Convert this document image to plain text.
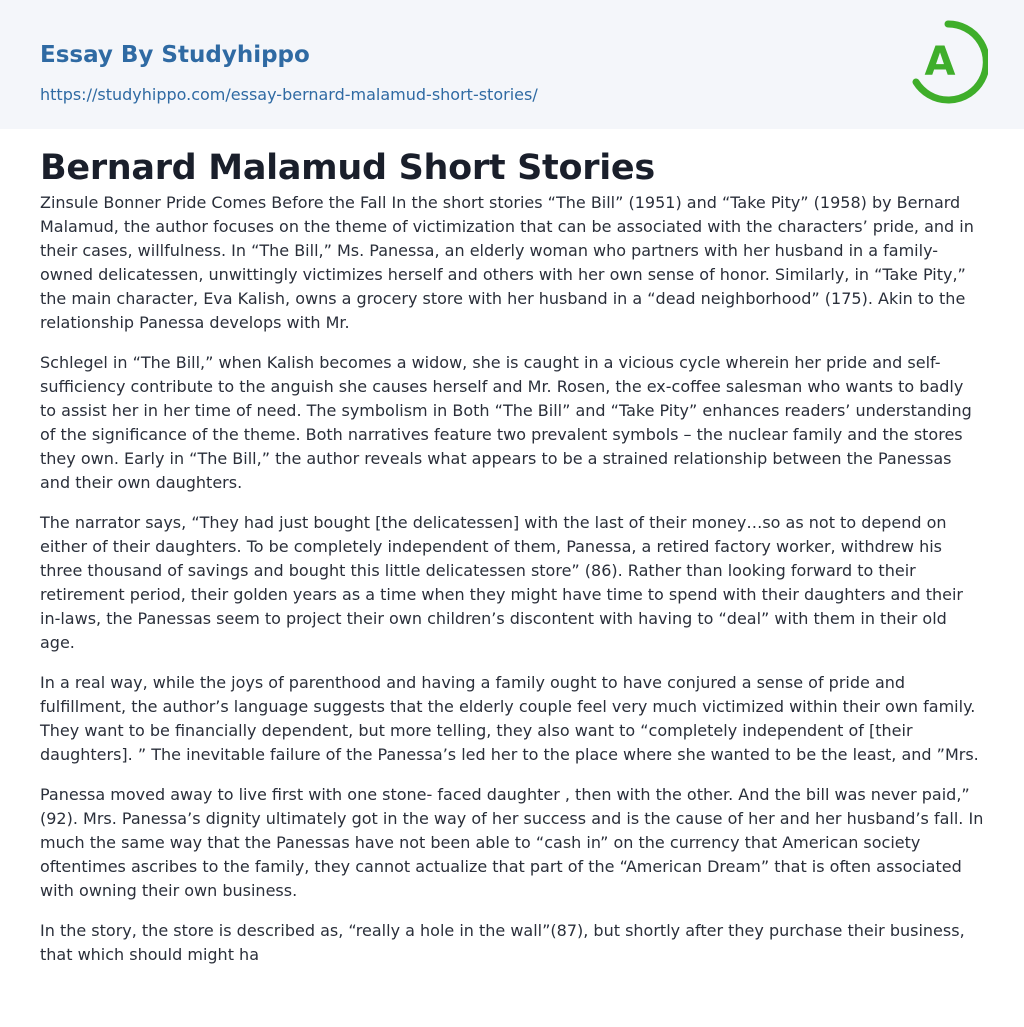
Essay By Studyhippo
https://studyhippo.com/essay-bernard-malamud-short-stories/
A
Bernard Malamud Short Stories

Zinsule Bonner Pride Comes Before the Fall In the short stories “The Bill” (1951) and “Take Pity” (1958) by Bernard Malamud, the author focuses on the theme of victimization that can be associated with the characters’ pride, and in their cases, willfulness. In “The Bill,” Ms. Panessa, an elderly woman who partners with her husband in a family-owned delicatessen, unwittingly victimizes herself and others with her own sense of honor. Similarly, in “Take Pity,” the main character, Eva Kalish, owns a grocery store with her husband in a “dead neighborhood” (175). Akin to the relationship Panessa develops with Mr.

Schlegel in “The Bill,” when Kalish becomes a widow, she is caught in a vicious cycle wherein her pride and self-sufficiency contribute to the anguish she causes herself and Mr. Rosen, the ex-coffee salesman who wants to badly to assist her in her time of need. The symbolism in Both “The Bill” and “Take Pity” enhances readers’ understanding of the significance of the theme. Both narratives feature two prevalent symbols – the nuclear family and the stores they own. Early in “The Bill,” the author reveals what appears to be a strained relationship between the Panessas and their own daughters.

The narrator says, “They had just bought [the delicatessen] with the last of their money…so as not to depend on either of their daughters. To be completely independent of them, Panessa, a retired factory worker, withdrew his three thousand of savings and bought this little delicatessen store” (86). Rather than looking forward to their retirement period, their golden years as a time when they might have time to spend with their daughters and their in-laws, the Panessas seem to project their own children’s discontent with having to “deal” with them in their old age.

In a real way, while the joys of parenthood and having a family ought to have conjured a sense of pride and fulfillment, the author’s language suggests that the elderly couple feel very much victimized within their own family. They want to be financially dependent, but more telling, they also want to “completely independent of [their daughters]. ” The inevitable failure of the Panessa’s led her to the place where she wanted to be the least, and ”Mrs.

Panessa moved away to live first with one stone- faced daughter , then with the other. And the bill was never paid,” (92). Mrs. Panessa’s dignity ultimately got in the way of her success and is the cause of her and her husband’s fall. In much the same way that the Panessas have not been able to “cash in” on the currency that American society oftentimes ascribes to the family, they cannot actualize that part of the “American Dream” that is often associated with owning their own business.

In the story, the store is described as, “really a hole in the wall”(87), but shortly after they purchase their business, that which should might ha
